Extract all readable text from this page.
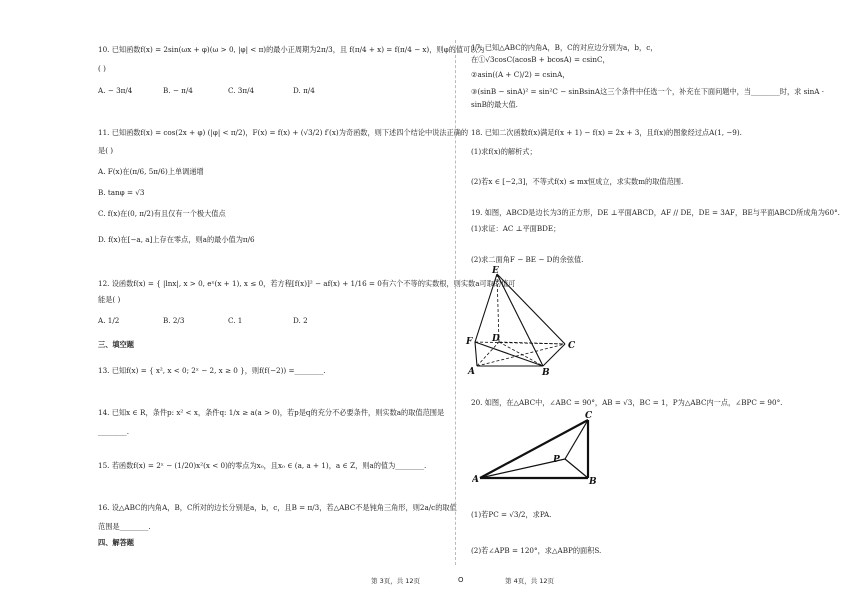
10. 已知函数f(x) = 2sin(ωx + φ)(ω > 0, |φ| < π)的最小正周期为2π/3，且 f(π/4 + x) = f(π/4 − x)，则φ的值可以为
( )
A. − 3π/4	B. − π/4	C. 3π/4	D. π/4
11. 已知函数f(x) = cos(2x + φ) (|φ| < π/2)，F(x) = f(x) + (√3/2) f′(x)为奇函数，则下述四个结论中说法正确的
是( )
A. F(x)在(π/6, 5π/6)上单调递增
B. tanφ = √3
C. f(x)在(0, π/2)有且仅有一个极大值点
D. f(x)在[−a, a]上存在零点，则a的最小值为π/6
12. 设函数f(x) = { |lnx|, x > 0, eˣ(x + 1), x ≤ 0，若方程[f(x)]² − af(x) + 1/16 = 0有六个不等的实数根，则实数a可取的值可
能是( )
A. 1/2	B. 2/3	C. 1	D. 2
三、填空题
13. 已知f(x) = { x², x < 0; 2ˣ − 2, x ≥ 0 }，则f(f(−2)) =________.
14. 已知x ∈ R，条件p: x² < x，条件q: 1/x ≥ a(a > 0)，若p是q的充分不必要条件，则实数a的取值范围是
________.
15. 若函数f(x) = 2ˣ − (1/20)x²(x < 0)的零点为x₀，且x₀ ∈ (a, a + 1)，a ∈ Z，则a的值为________.
16. 设△ABC的内角A，B，C所对的边长分别是a，b，c，且B = π/3，若△ABC不是钝角三角形，则2a/c的取值
范围是________.
四、解答题
17. 已知△ABC的内角A，B，C的对应边分别为a，b，c，
在①√3cosC(acosB + bcosA) = csinC，
②asin((A + C)/2) = csinA，
③(sinB − sinA)² = sin²C − sinBsinA这三个条件中任选一个，补充在下面问题中，当________时，求 sinA ·
sinB的最大值.
18. 已知二次函数f(x)满足f(x + 1) − f(x) = 2x + 3，且f(x)的图象经过点A(1, −9).
(1)求f(x)的解析式；
(2)若x ∈ [−2,3]，不等式f(x) ≤ mx恒成立，求实数m的取值范围.
19. 如图，ABCD是边长为3的正方形，DE ⊥平面ABCD，AF // DE，DE = 3AF，BE与平面ABCD所成角为60°.
(1)求证：AC ⊥平面BDE；
(2)求二面角F − BE − D的余弦值.
E
F D
C
A	B
20. 如图，在△ABC中，∠ABC = 90°，AB = √3，BC = 1，P为△ABC内一点，∠BPC = 90°.
C
P
A	B
(1)若PC = √3/2，求PA.
(2)若∠APB = 120°，求△ABP的面积S.
第 3页，共 12页	O	第 4页，共 12页
